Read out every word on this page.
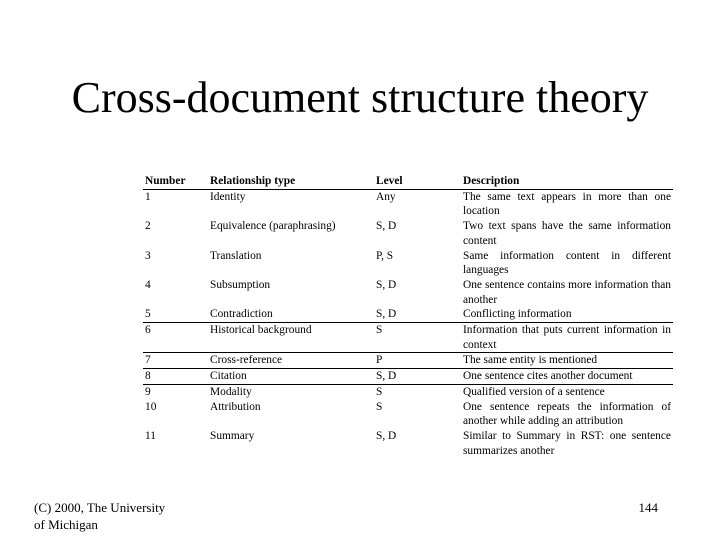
Cross-document structure theory
Number	Relationship type	Level	Description
1	Identity	Any	The same text appears in more than one location
2	Equivalence (paraphrasing)	S, D	Two text spans have the same information content
3	Translation	P, S	Same information content in different languages
4	Subsumption	S, D	One sentence contains more information than another
5	Contradiction	S, D	Conflicting information
6	Historical background	S	Information that puts current information in context
7	Cross-reference	P	The same entity is mentioned
8	Citation	S, D	One sentence cites another document
9	Modality	S	Qualified version of a sentence
10	Attribution	S	One sentence repeats the information of another while adding an attribution
11	Summary	S, D	Similar to Summary in RST: one sentence summarizes another
(C) 2000, The University
of Michigan
144
